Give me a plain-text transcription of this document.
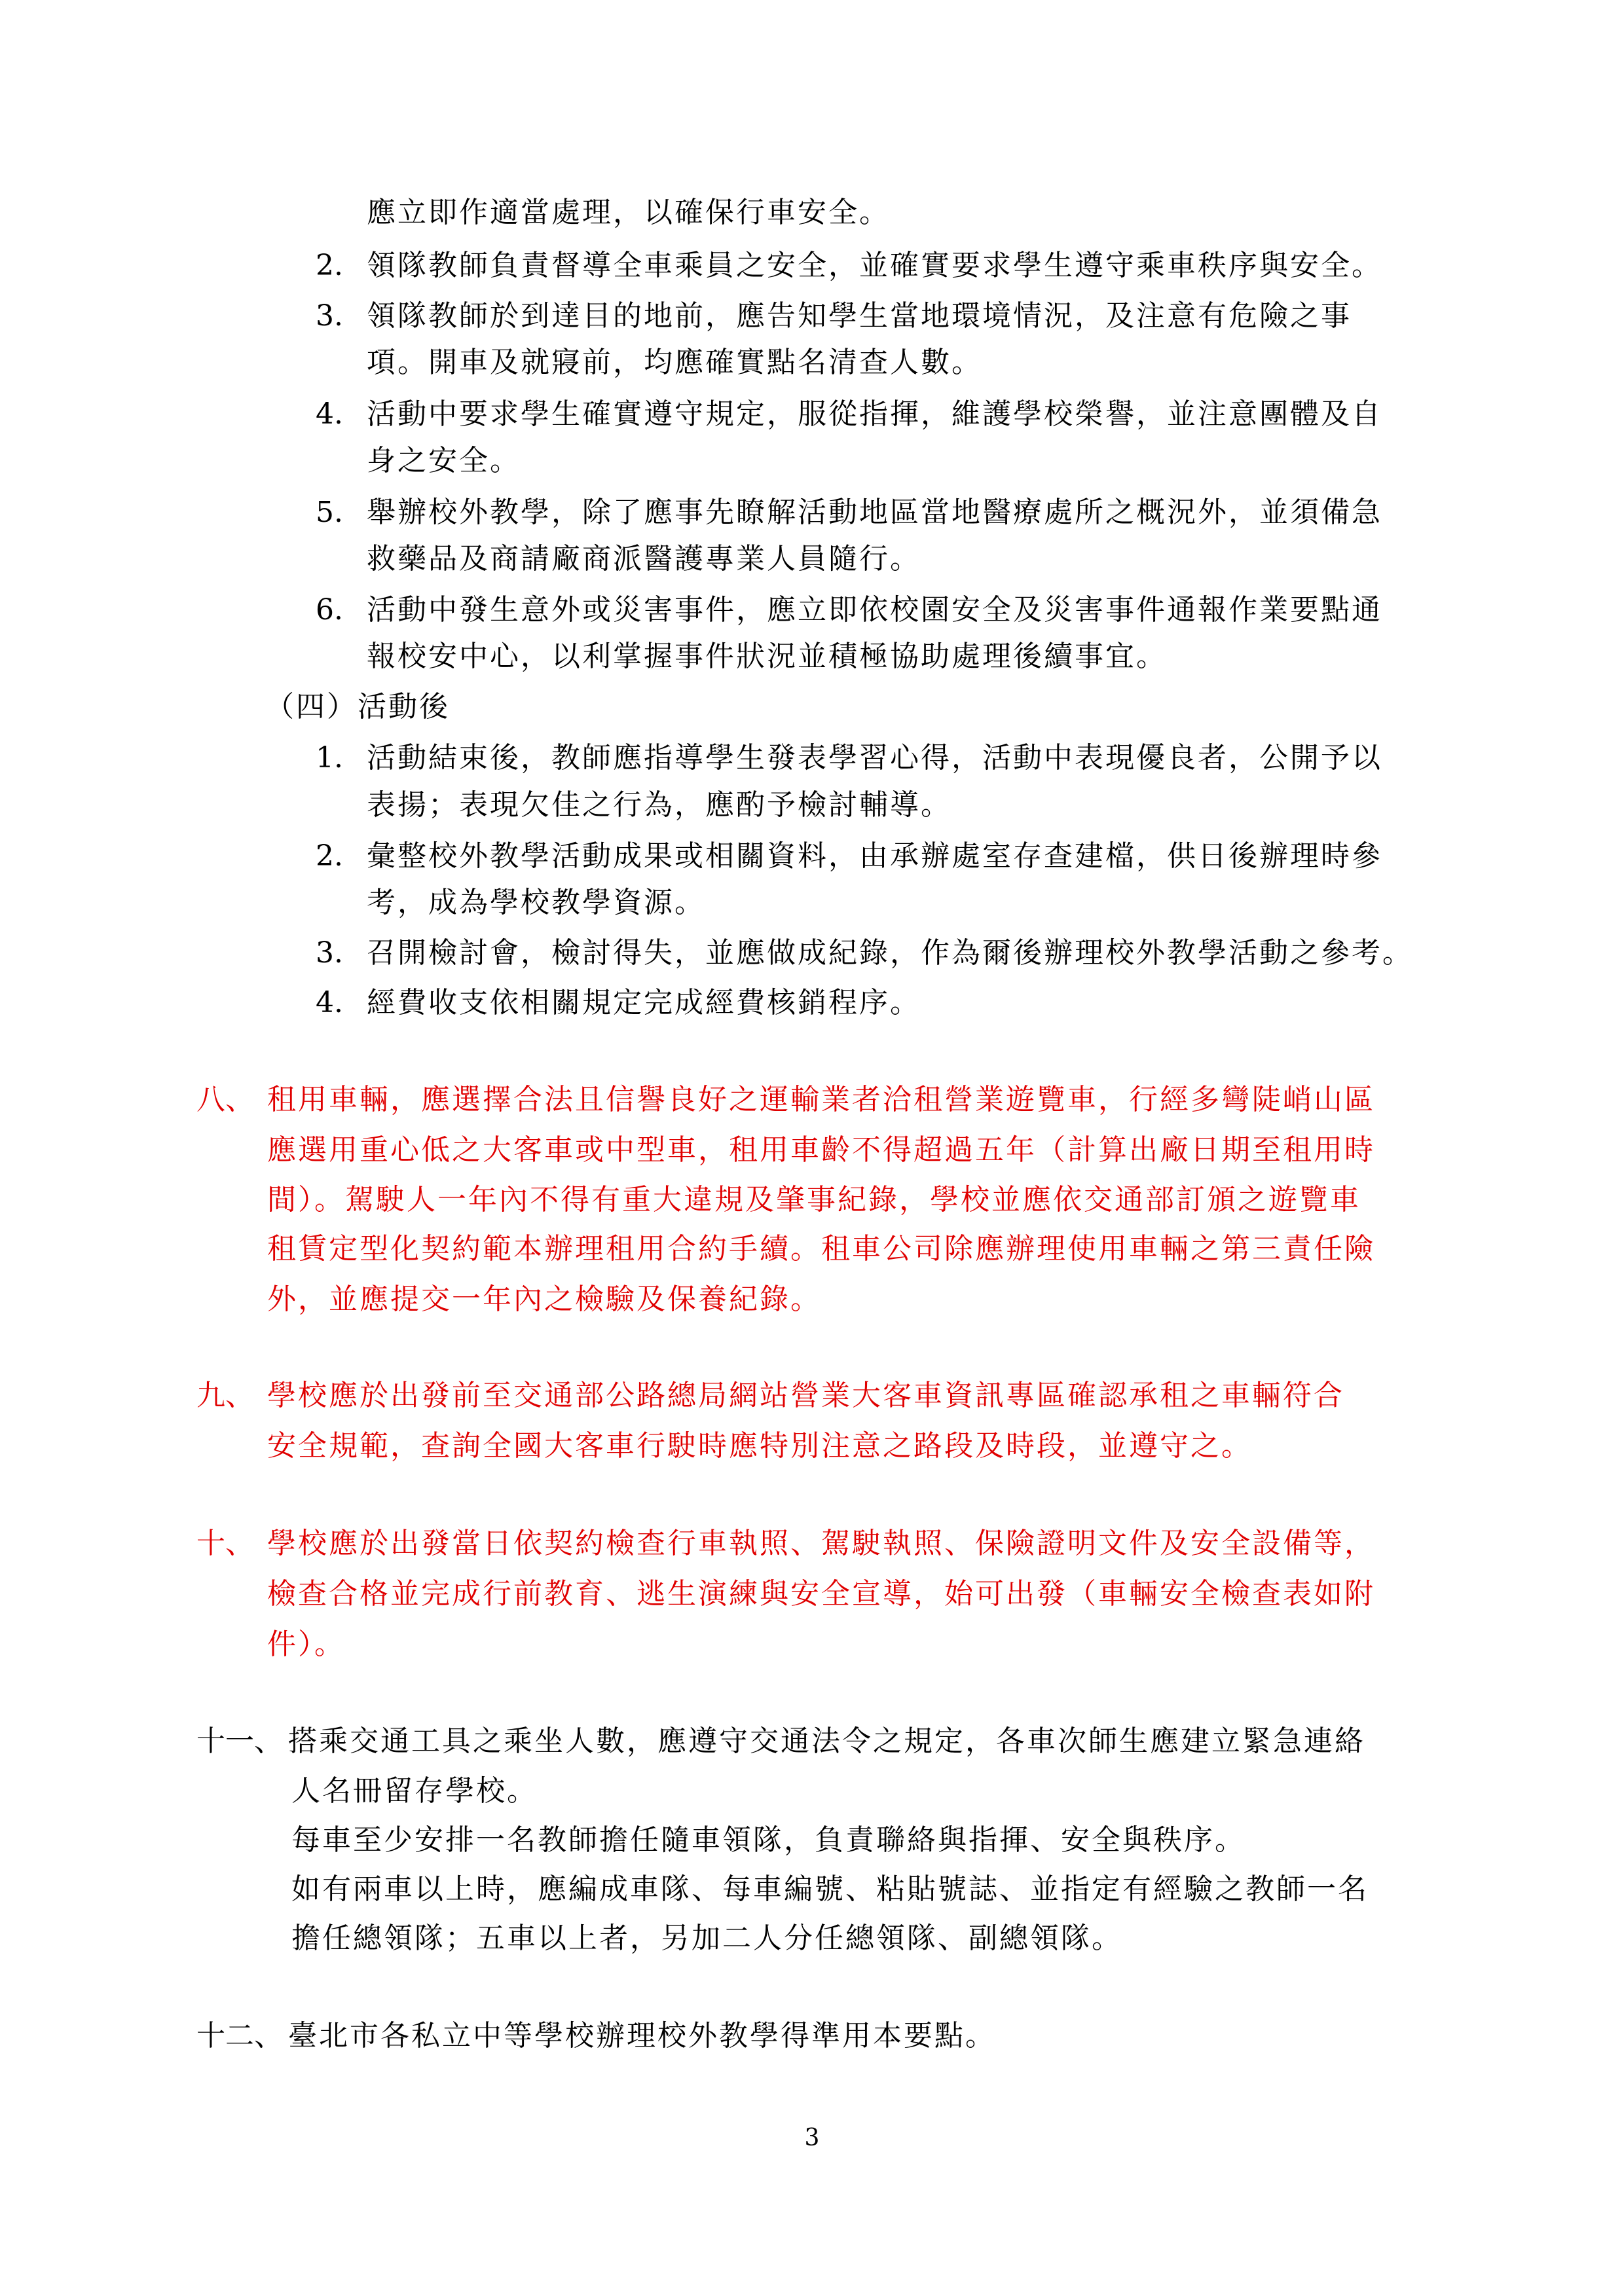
應立即作適當處理，以確保行車安全。
2. 領隊教師負責督導全車乘員之安全，並確實要求學生遵守乘車秩序與安全。
3. 領隊教師於到達目的地前，應告知學生當地環境情況，及注意有危險之事
項。開車及就寢前，均應確實點名清查人數。
4. 活動中要求學生確實遵守規定，服從指揮，維護學校榮譽，並注意團體及自
身之安全。
5. 舉辦校外教學，除了應事先瞭解活動地區當地醫療處所之概況外，並須備急
救藥品及商請廠商派醫護專業人員隨行。
6. 活動中發生意外或災害事件，應立即依校園安全及災害事件通報作業要點通
報校安中心，以利掌握事件狀況並積極協助處理後續事宜。
（四）活動後
1. 活動結束後，教師應指導學生發表學習心得，活動中表現優良者，公開予以
表揚；表現欠佳之行為，應酌予檢討輔導。
2. 彙整校外教學活動成果或相關資料，由承辦處室存查建檔，供日後辦理時參
考，成為學校教學資源。
3. 召開檢討會，檢討得失，並應做成紀錄，作為爾後辦理校外教學活動之參考。
4. 經費收支依相關規定完成經費核銷程序。
八、 租用車輛，應選擇合法且信譽良好之運輸業者洽租營業遊覽車，行經多彎陡峭山區
應選用重心低之大客車或中型車，租用車齡不得超過五年（計算出廠日期至租用時
間）。駕駛人一年內不得有重大違規及肇事紀錄，學校並應依交通部訂頒之遊覽車
租賃定型化契約範本辦理租用合約手續。租車公司除應辦理使用車輛之第三責任險
外，並應提交一年內之檢驗及保養紀錄。
九、 學校應於出發前至交通部公路總局網站營業大客車資訊專區確認承租之車輛符合
安全規範，查詢全國大客車行駛時應特別注意之路段及時段，並遵守之。
十、 學校應於出發當日依契約檢查行車執照、駕駛執照、保險證明文件及安全設備等，
檢查合格並完成行前教育、逃生演練與安全宣導，始可出發（車輛安全檢查表如附
件）。
十一、 搭乘交通工具之乘坐人數，應遵守交通法令之規定，各車次師生應建立緊急連絡
人名冊留存學校。
每車至少安排一名教師擔任隨車領隊，負責聯絡與指揮、安全與秩序。
如有兩車以上時，應編成車隊、每車編號、粘貼號誌、並指定有經驗之教師一名
擔任總領隊；五車以上者，另加二人分任總領隊、副總領隊。
十二、 臺北市各私立中等學校辦理校外教學得準用本要點。
3
